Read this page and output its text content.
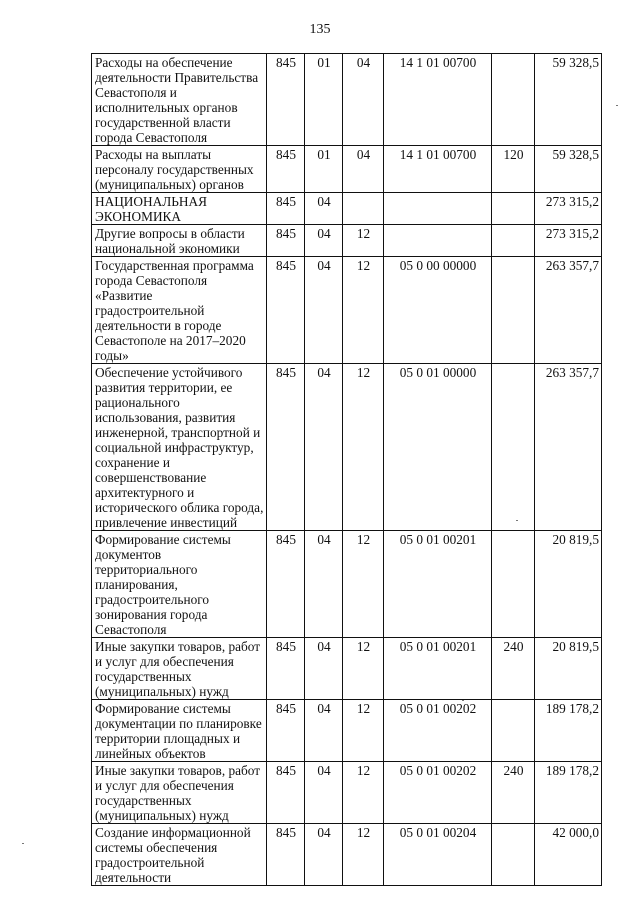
135
Расходы на обеспечение деятельности Правительства Севастополя и исполнительных органов государственной власти города Севастополя	845	01	04	14 1 01 00700		59 328,5
Расходы на выплаты персоналу государственных (муниципальных) органов	845	01	04	14 1 01 00700	120	59 328,5
НАЦИОНАЛЬНАЯ ЭКОНОМИКА	845	04				273 315,2
Другие вопросы в области национальной экономики	845	04	12			273 315,2
Государственная программа города Севастополя «Развитие градостроительной деятельности в городе Севастополе на 2017–2020 годы»	845	04	12	05 0 00 00000		263 357,7
Обеспечение устойчивого развития территории, ее рационального использования, развития инженерной, транспортной и социальной инфраструктур, сохранение и совершенствование архитектурного и исторического облика города, привлечение инвестиций	845	04	12	05 0 01 00000		263 357,7
Формирование системы документов территориального планирования, градостроительного зонирования города Севастополя	845	04	12	05 0 01 00201		20 819,5
Иные закупки товаров, работ и услуг для обеспечения государственных (муниципальных) нужд	845	04	12	05 0 01 00201	240	20 819,5
Формирование системы документации по планировке территории площадных и линейных объектов	845	04	12	05 0 01 00202		189 178,2
Иные закупки товаров, работ и услуг для обеспечения государственных (муниципальных) нужд	845	04	12	05 0 01 00202	240	189 178,2
Создание информационной системы обеспечения градостроительной деятельности	845	04	12	05 0 01 00204		42 000,0
